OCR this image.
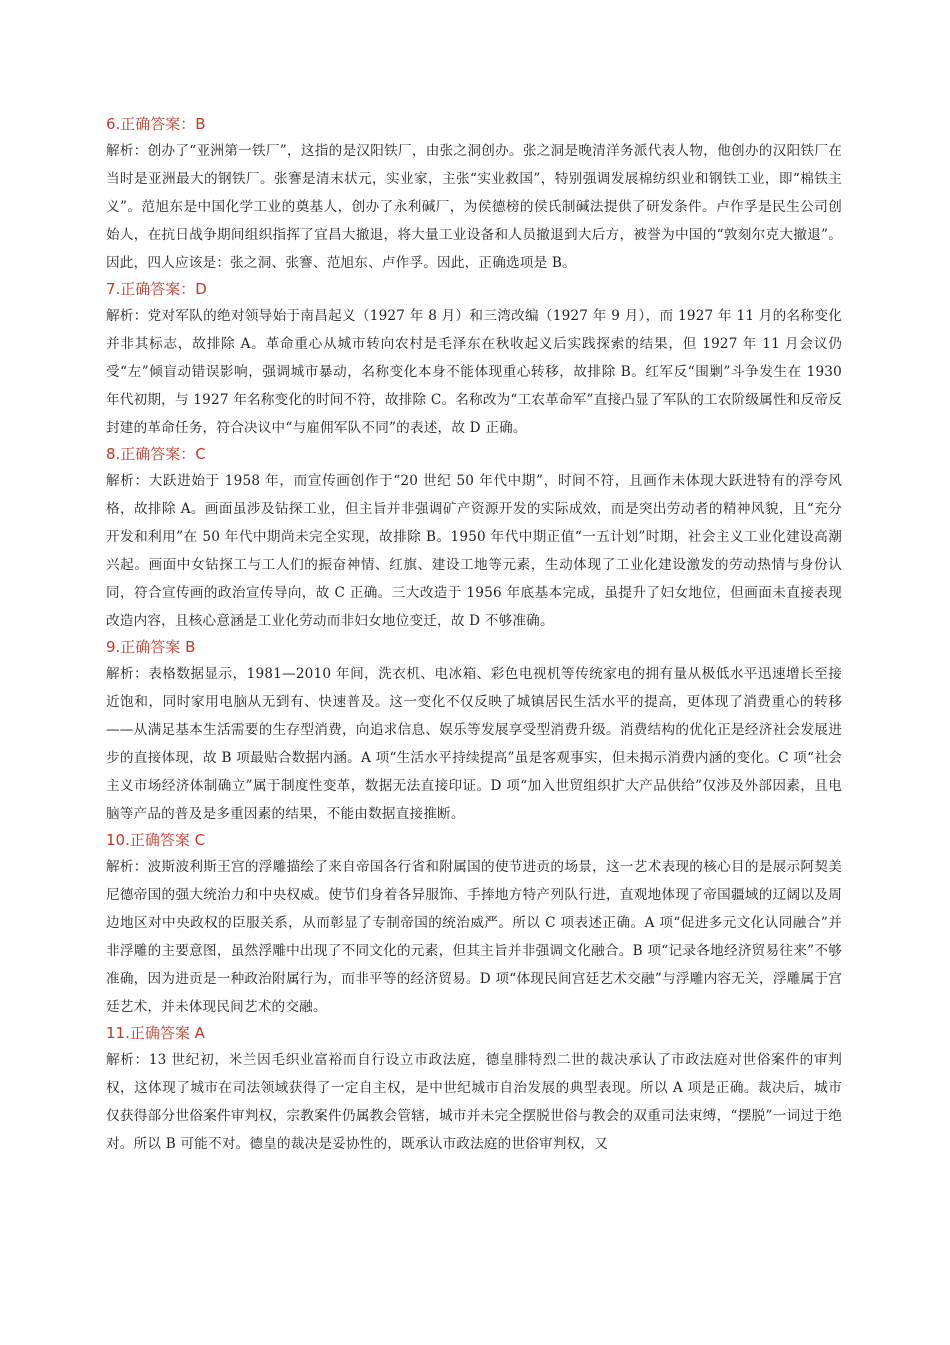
6.正确答案：B

解析：创办了“亚洲第一铁厂”，这指的是汉阳铁厂，由张之洞创办。张之洞是晚清洋务派代表人物，他创办的汉阳铁厂在当时是亚洲最大的钢铁厂。张謇是清末状元，实业家，主张“实业救国”，特别强调发展棉纺织业和钢铁工业，即“棉铁主义”。范旭东是中国化学工业的奠基人，创办了永利碱厂，为侯德榜的侯氏制碱法提供了研发条件。卢作孚是民生公司创始人，在抗日战争期间组织指挥了宜昌大撤退，将大量工业设备和人员撤退到大后方，被誉为中国的“敦刻尔克大撤退”。因此，四人应该是：张之洞、张謇、范旭东、卢作孚。因此，正确选项是 B。

7.正确答案：D

解析：党对军队的绝对领导始于南昌起义（1927 年 8 月）和三湾改编（1927 年 9 月），而 1927 年 11 月的名称变化并非其标志，故排除 A。革命重心从城市转向农村是毛泽东在秋收起义后实践探索的结果，但 1927 年 11 月会议仍受“左”倾盲动错误影响，强调城市暴动，名称变化本身不能体现重心转移，故排除 B。红军反“围剿”斗争发生在 1930 年代初期，与 1927 年名称变化的时间不符，故排除 C。名称改为“工农革命军”直接凸显了军队的工农阶级属性和反帝反封建的革命任务，符合决议中“与雇佣军队不同”的表述，故 D 正确。

8.正确答案：C

解析：大跃进始于 1958 年，而宣传画创作于“20 世纪 50 年代中期”，时间不符，且画作未体现大跃进特有的浮夸风格，故排除 A。画面虽涉及钻探工业，但主旨并非强调矿产资源开发的实际成效，而是突出劳动者的精神风貌，且“充分开发和利用”在 50 年代中期尚未完全实现，故排除 B。1950 年代中期正值“一五计划”时期，社会主义工业化建设高潮兴起。画面中女钻探工与工人们的振奋神情、红旗、建设工地等元素，生动体现了工业化建设激发的劳动热情与身份认同，符合宣传画的政治宣传导向，故 C 正确。三大改造于 1956 年底基本完成，虽提升了妇女地位，但画面未直接表现改造内容，且核心意涵是工业化劳动而非妇女地位变迁，故 D 不够准确。

9.正确答案 B

解析：表格数据显示，1981—2010 年间，洗衣机、电冰箱、彩色电视机等传统家电的拥有量从极低水平迅速增长至接近饱和，同时家用电脑从无到有、快速普及。这一变化不仅反映了城镇居民生活水平的提高，更体现了消费重心的转移——从满足基本生活需要的生存型消费，向追求信息、娱乐等发展享受型消费升级。消费结构的优化正是经济社会发展进步的直接体现，故 B 项最贴合数据内涵。A 项“生活水平持续提高”虽是客观事实，但未揭示消费内涵的变化。C 项“社会主义市场经济体制确立”属于制度性变革，数据无法直接印证。D 项“加入世贸组织扩大产品供给”仅涉及外部因素，且电脑等产品的普及是多重因素的结果，不能由数据直接推断。

10.正确答案 C

解析：波斯波利斯王宫的浮雕描绘了来自帝国各行省和附属国的使节进贡的场景，这一艺术表现的核心目的是展示阿契美尼德帝国的强大统治力和中央权威。使节们身着各异服饰、手捧地方特产列队行进，直观地体现了帝国疆域的辽阔以及周边地区对中央政权的臣服关系，从而彰显了专制帝国的统治威严。所以 C 项表述正确。A 项“促进多元文化认同融合”并非浮雕的主要意图，虽然浮雕中出现了不同文化的元素，但其主旨并非强调文化融合。B 项“记录各地经济贸易往来”不够准确，因为进贡是一种政治附属行为，而非平等的经济贸易。D 项“体现民间宫廷艺术交融”与浮雕内容无关，浮雕属于宫廷艺术，并未体现民间艺术的交融。

11.正确答案 A

解析：13 世纪初，米兰因毛织业富裕而自行设立市政法庭，德皇腓特烈二世的裁决承认了市政法庭对世俗案件的审判权，这体现了城市在司法领域获得了一定自主权，是中世纪城市自治发展的典型表现。所以 A 项是正确。裁决后，城市仅获得部分世俗案件审判权，宗教案件仍属教会管辖，城市并未完全摆脱世俗与教会的双重司法束缚，“摆脱”一词过于绝对。所以 B 可能不对。德皇的裁决是妥协性的，既承认市政法庭的世俗审判权，又
